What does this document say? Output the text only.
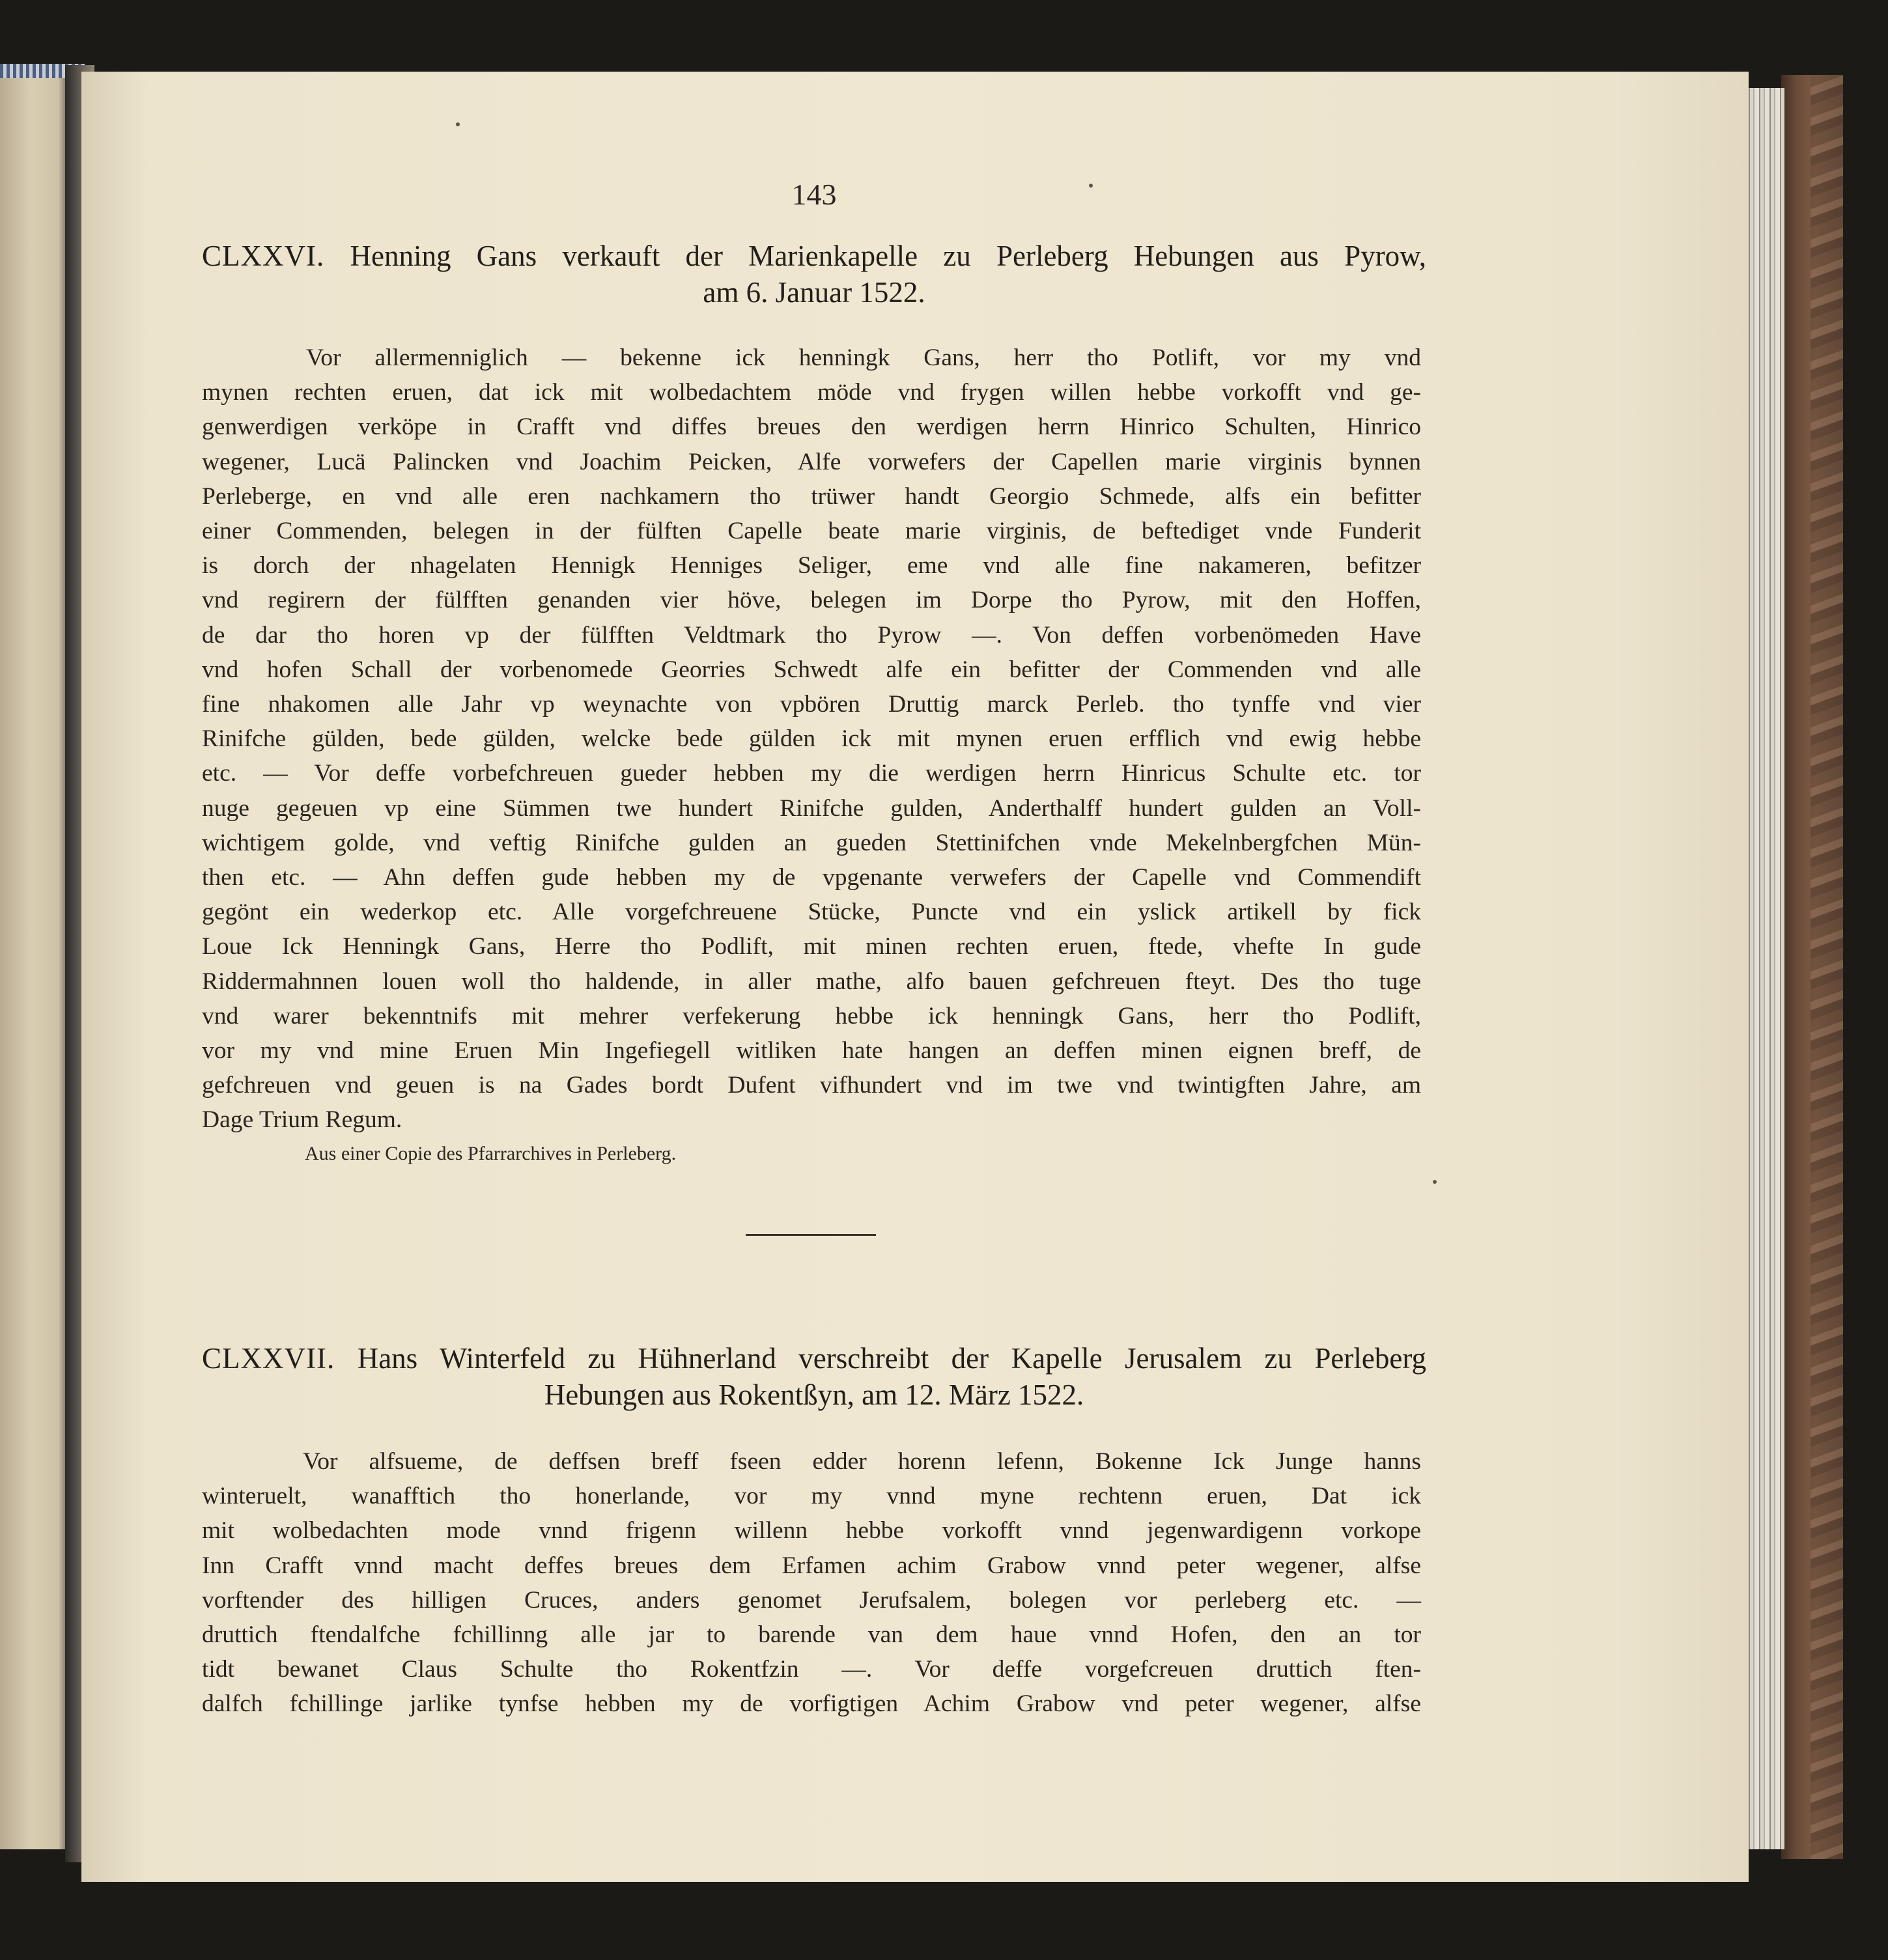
143
CLXXVI. Henning Gans verkauft der Marienkapelle zu Perleberg Hebungen aus Pyrow,
am 6. Januar 1522.
Vor allermenniglich — bekenne ick henningk Gans, herr tho Potlift, vor my vnd
mynen rechten eruen, dat ick mit wolbedachtem möde vnd frygen willen hebbe vorkofft vnd ge-
genwerdigen verköpe in Crafft vnd diffes breues den werdigen herrn Hinrico Schulten, Hinrico
wegener, Lucä Palincken vnd Joachim Peicken, Alfe vorwefers der Capellen marie virginis bynnen
Perleberge, en vnd alle eren nachkamern tho trüwer handt Georgio Schmede, alfs ein befitter
einer Commenden, belegen in der fülften Capelle beate marie virginis, de beftediget vnde Funderit
is dorch der nhagelaten Hennigk Henniges Seliger, eme vnd alle fine nakameren, befitzer
vnd regirern der fülfften genanden vier höve, belegen im Dorpe tho Pyrow, mit den Hoffen,
de dar tho horen vp der fülfften Veldtmark tho Pyrow —. Von deffen vorbenömeden Have
vnd hofen Schall der vorbenomede Georries Schwedt alfe ein befitter der Commenden vnd alle
fine nhakomen alle Jahr vp weynachte von vpbören Druttig marck Perleb. tho tynffe vnd vier
Rinifche gülden, bede gülden, welcke bede gülden ick mit mynen eruen erfflich vnd ewig hebbe
etc. — Vor deffe vorbefchreuen gueder hebben my die werdigen herrn Hinricus Schulte etc. tor
nuge gegeuen vp eine Sümmen twe hundert Rinifche gulden, Anderthalff hundert gulden an Voll-
wichtigem golde, vnd veftig Rinifche gulden an gueden Stettinifchen vnde Mekelnbergfchen Mün-
then etc. — Ahn deffen gude hebben my de vpgenante verwefers der Capelle vnd Commendift
gegönt ein wederkop etc. Alle vorgefchreuene Stücke, Puncte vnd ein yslick artikell by fick
Loue Ick Henningk Gans, Herre tho Podlift, mit minen rechten eruen, ftede, vhefte In gude
Riddermahnnen louen woll tho haldende, in aller mathe, alfo bauen gefchreuen fteyt. Des tho tuge
vnd warer bekenntnifs mit mehrer verfekerung hebbe ick henningk Gans, herr tho Podlift,
vor my vnd mine Eruen Min Ingefiegell witliken hate hangen an deffen minen eignen breff, de
gefchreuen vnd geuen is na Gades bordt Dufent vifhundert vnd im twe vnd twintigften Jahre, am
Dage Trium Regum.
Aus einer Copie des Pfarrarchives in Perleberg.
CLXXVII. Hans Winterfeld zu Hühnerland verschreibt der Kapelle Jerusalem zu Perleberg
Hebungen aus Rokentßyn, am 12. März 1522.
Vor alfsueme, de deffsen breff fseen edder horenn lefenn, Bokenne Ick Junge hanns
winteruelt, wanafftich tho honerlande, vor my vnnd myne rechtenn eruen, Dat ick
mit wolbedachten mode vnnd frigenn willenn hebbe vorkofft vnnd jegenwardigenn vorkope
Inn Crafft vnnd macht deffes breues dem Erfamen achim Grabow vnnd peter wegener, alfse
vorftender des hilligen Cruces, anders genomet Jerufsalem, bolegen vor perleberg etc. —
druttich ftendalfche fchillinng alle jar to barende van dem haue vnnd Hofen, den an tor
tidt bewanet Claus Schulte tho Rokentfzin —. Vor deffe vorgefcreuen druttich ften-
dalfch fchillinge jarlike tynfse hebben my de vorfigtigen Achim Grabow vnd peter wegener, alfse
